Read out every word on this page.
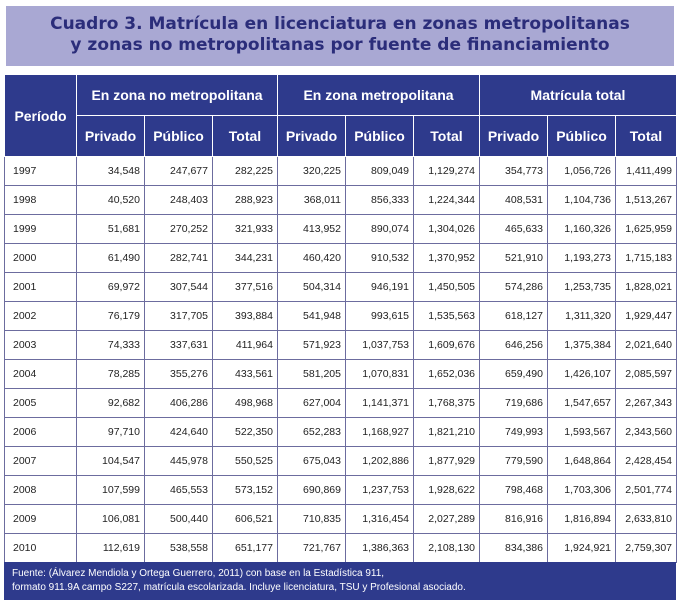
Cuadro 3. Matrícula en licenciatura en zonas metropolitanas
y zonas no metropolitanas por fuente de financiamiento
Período	En zona no metropolitana			En zona metropolitana			Matrícula total		
	Privado	Público	Total	Privado	Público	Total	Privado	Público	Total
1997	34,548	247,677	282,225	320,225	809,049	1,129,274	354,773	1,056,726	1,411,499
1998	40,520	248,403	288,923	368,011	856,333	1,224,344	408,531	1,104,736	1,513,267
1999	51,681	270,252	321,933	413,952	890,074	1,304,026	465,633	1,160,326	1,625,959
2000	61,490	282,741	344,231	460,420	910,532	1,370,952	521,910	1,193,273	1,715,183
2001	69,972	307,544	377,516	504,314	946,191	1,450,505	574,286	1,253,735	1,828,021
2002	76,179	317,705	393,884	541,948	993,615	1,535,563	618,127	1,311,320	1,929,447
2003	74,333	337,631	411,964	571,923	1,037,753	1,609,676	646,256	1,375,384	2,021,640
2004	78,285	355,276	433,561	581,205	1,070,831	1,652,036	659,490	1,426,107	2,085,597
2005	92,682	406,286	498,968	627,004	1,141,371	1,768,375	719,686	1,547,657	2,267,343
2006	97,710	424,640	522,350	652,283	1,168,927	1,821,210	749,993	1,593,567	2,343,560
2007	104,547	445,978	550,525	675,043	1,202,886	1,877,929	779,590	1,648,864	2,428,454
2008	107,599	465,553	573,152	690,869	1,237,753	1,928,622	798,468	1,703,306	2,501,774
2009	106,081	500,440	606,521	710,835	1,316,454	2,027,289	816,916	1,816,894	2,633,810
2010	112,619	538,558	651,177	721,767	1,386,363	2,108,130	834,386	1,924,921	2,759,307
Fuente: (Álvarez Mendiola y Ortega Guerrero, 2011) con base en la Estadística 911,
formato 911.9A campo S227, matrícula escolarizada. Incluye licenciatura, TSU y Profesional asociado.
